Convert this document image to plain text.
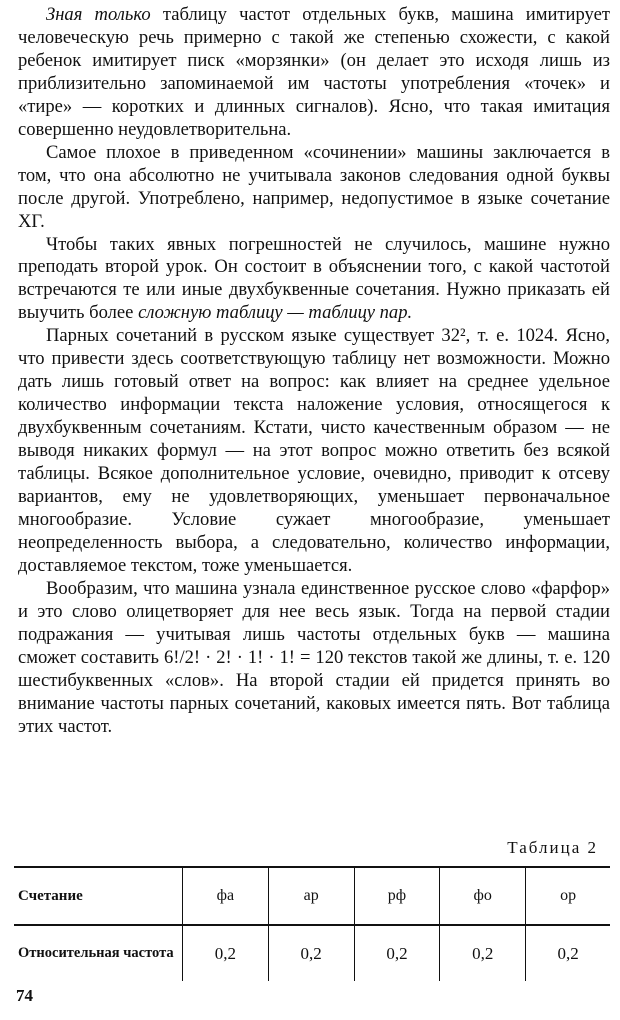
Зная только таблицу частот отдельных букв, машина имитирует человеческую речь примерно с такой же степенью схожести, с какой ребенок имитирует писк «морзянки» (он делает это исходя лишь из приблизительно запоминаемой им частоты употребления «точек» и «тире» — коротких и длинных сигналов). Ясно, что такая имитация совершенно неудовлетворительна.

Самое плохое в приведенном «сочинении» машины заключается в том, что она абсолютно не учитывала законов следования одной буквы после другой. Употреблено, например, недопустимое в языке сочетание ХГ.

Чтобы таких явных погрешностей не случилось, машине нужно преподать второй урок. Он состоит в объяснении того, с какой частотой встречаются те или иные двухбуквенные сочетания. Нужно приказать ей выучить более сложную таблицу — таблицу пар.

Парных сочетаний в русском языке существует 32², т. е. 1024. Ясно, что привести здесь соответствующую таблицу нет возможности. Можно дать лишь готовый ответ на вопрос: как влияет на среднее удельное количество информации текста наложение условия, относящегося к двухбуквенным сочетаниям. Кстати, чисто качественным образом — не выводя никаких формул — на этот вопрос можно ответить без всякой таблицы. Всякое дополнительное условие, очевидно, приводит к отсеву вариантов, ему не удовлетворяющих, уменьшает первоначальное многообразие. Условие сужает многообразие, уменьшает неопределенность выбора, а следовательно, количество информации, доставляемое текстом, тоже уменьшается.

Вообразим, что машина узнала единственное русское слово «фарфор» и это слово олицетворяет для нее весь язык. Тогда на первой стадии подражания — учитывая лишь частоты отдельных букв — машина сможет составить 6!/2! · 2! · 1! · 1! = 120 текстов такой же длины, т. е. 120 шестибуквенных «слов». На второй стадии ей придется принять во внимание частоты парных сочетаний, каковых имеется пять. Вот таблица этих частот.

Таблица 2
Счетание	фа	ар	рф	фо	ор
Относительная частота	0,2	0,2	0,2	0,2	0,2
74
